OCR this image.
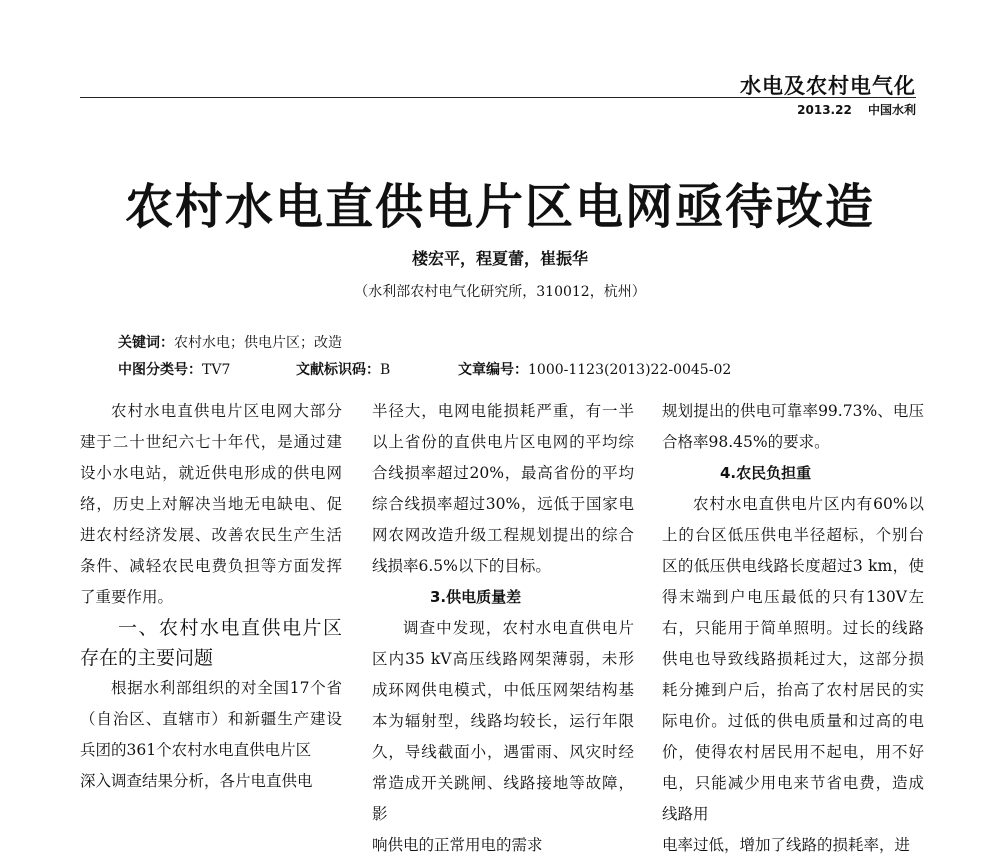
水电及农村电气化
2013.22 中国水利
农村水电直供电片区电网亟待改造
楼宏平，程夏蕾，崔振华
（水利部农村电气化研究所，310012，杭州）
关键词：农村水电；供电片区；改造
中图分类号：TV7	文献标识码：B	文章编号：1000-1123(2013)22-0045-02

农村水电直供电片区电网大部分建于二十世纪六七十年代，是通过建设小水电站，就近供电形成的供电网络，历史上对解决当地无电缺电、促进农村经济发展、改善农民生产生活条件、减轻农民电费负担等方面发挥了重要作用。

一、农村水电直供电片区存在的主要问题

根据水利部组织的对全国17个省（自治区、直辖市）和新疆生产建设兵团的361个农村水电直供电片区

深入调查结果分析，各片电直供电

半径大，电网电能损耗严重，有一半以上省份的直供电片区电网的平均综合线损率超过20%，最高省份的平均综合线损率超过30%，远低于国家电网农网改造升级工程规划提出的综合线损率6.5%以下的目标。

3.供电质量差

调查中发现，农村水电直供电片区内35 kV高压线路网架薄弱，未形成环网供电模式，中低压网架结构基本为辐射型，线路均较长，运行年限久，导线截面小，遇雷雨、风灾时经常造成开关跳闸、线路接地等故障，影

响供电的正常用电的需求

规划提出的供电可靠率99.73%、电压合格率98.45%的要求。

4.农民负担重

农村水电直供电片区内有60%以上的台区低压供电半径超标，个别台区的低压供电线路长度超过3 km，使得末端到户电压最低的只有130V左右，只能用于简单照明。过长的线路供电也导致线路损耗过大，这部分损耗分摊到户后，抬高了农村居民的实际电价。过低的供电质量和过高的电价，使得农村居民用不起电，用不好电，只能减少用电来节省电费，造成线路用

电率过低，增加了线路的损耗率，进
